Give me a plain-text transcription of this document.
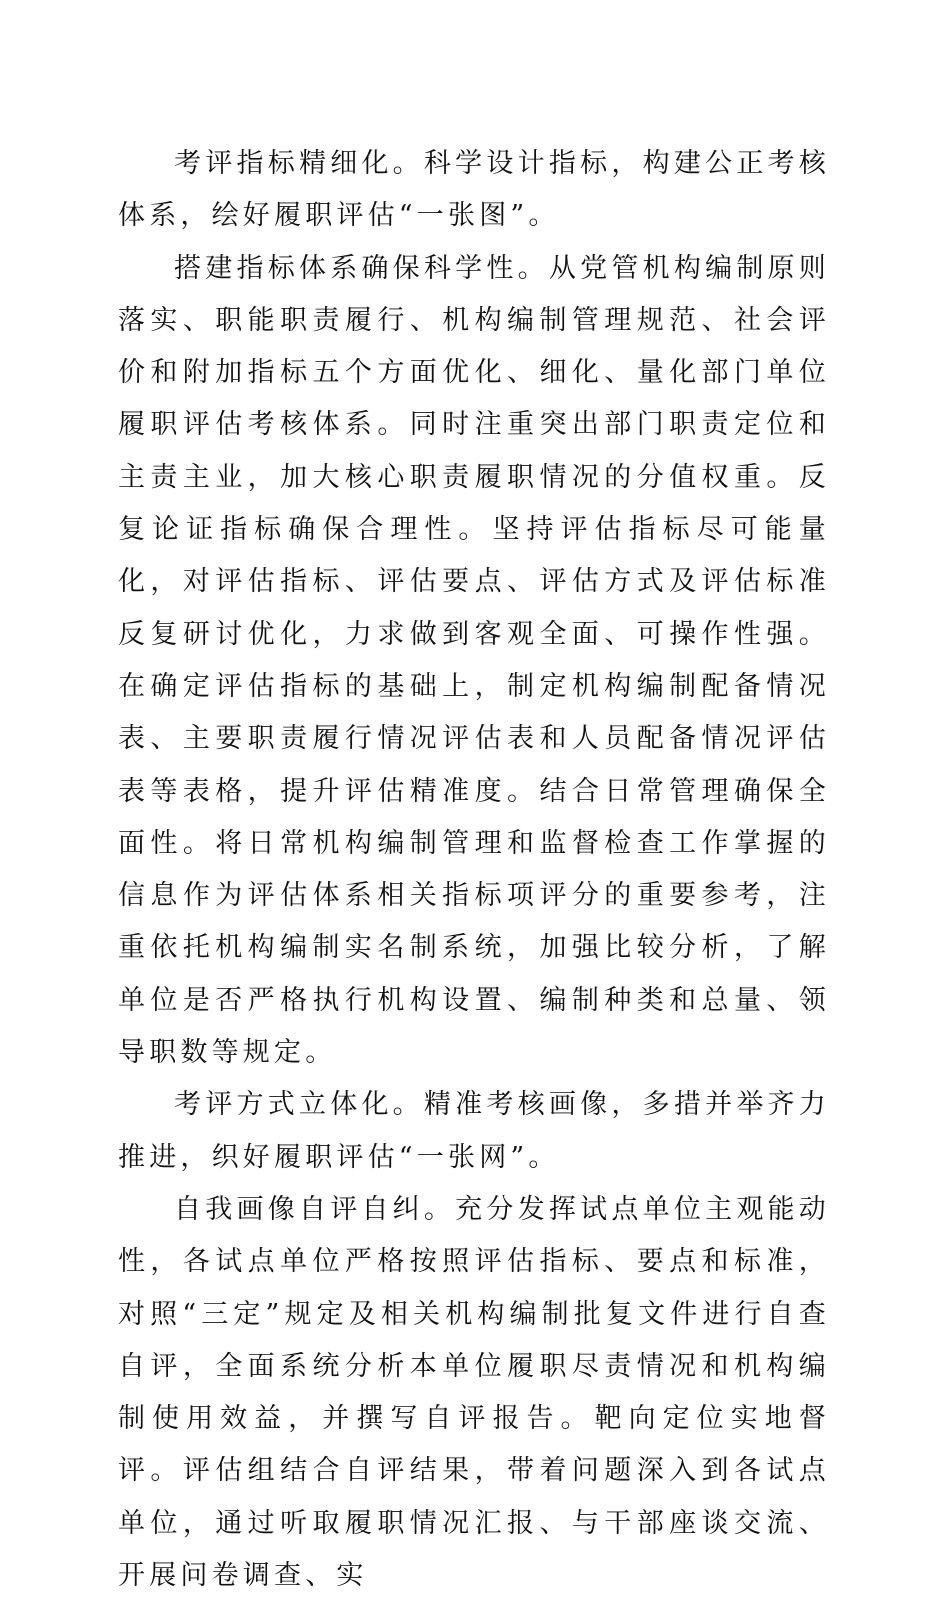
考评指标精细化。科学设计指标，构建公正考核体系，绘好履职评估“一张图”。

搭建指标体系确保科学性。从党管机构编制原则落实、职能职责履行、机构编制管理规范、社会评价和附加指标五个方面优化、细化、量化部门单位履职评估考核体系。同时注重突出部门职责定位和主责主业，加大核心职责履职情况的分值权重。反复论证指标确保合理性。坚持评估指标尽可能量化，对评估指标、评估要点、评估方式及评估标准反复研讨优化，力求做到客观全面、可操作性强。在确定评估指标的基础上，制定机构编制配备情况表、主要职责履行情况评估表和人员配备情况评估表等表格，提升评估精准度。结合日常管理确保全面性。将日常机构编制管理和监督检查工作掌握的信息作为评估体系相关指标项评分的重要参考，注重依托机构编制实名制系统，加强比较分析，了解单位是否严格执行机构设置、编制种类和总量、领导职数等规定。

考评方式立体化。精准考核画像，多措并举齐力推进，织好履职评估“一张网”。

自我画像自评自纠。充分发挥试点单位主观能动性，各试点单位严格按照评估指标、要点和标准，对照“三定”规定及相关机构编制批复文件进行自查自评，全面系统分析本单位履职尽责情况和机构编制使用效益，并撰写自评报告。靶向定位实地督评。评估组结合自评结果，带着问题深入到各试点单位，通过听取履职情况汇报、与干部座谈交流、开展问卷调查、实
